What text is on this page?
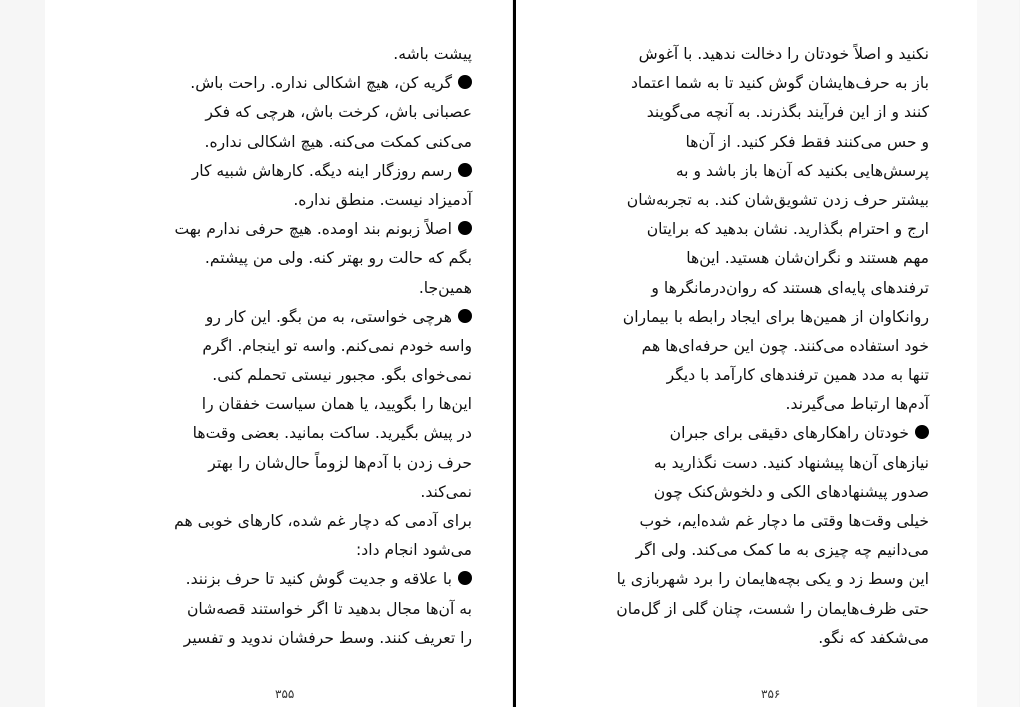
پیشت باشه.
گریه کن، هیچ اشکالی نداره. راحت باش.
عصبانی باش، کرخت باش، هرچی که فکر
می‌کنی کمکت می‌کنه. هیچ اشکالی نداره.
رسم روزگار اینه دیگه. کارهاش شبیه کار
آدمیزاد نیست. منطق نداره.
اصلاً زبونم بند اومده. هیچ حرفی ندارم بهت
بگم که حالت رو بهتر کنه. ولی من پیشتم.
همین‌جا.
هرچی خواستی، به من بگو. این کار رو
واسه خودم نمی‌کنم. واسه تو اینجام. اگرم
نمی‌خوای بگو. مجبور نیستی تحملم کنی.
این‌ها را بگویید، یا همان سیاست خفقان را
در پیش بگیرید. ساکت بمانید. بعضی وقت‌ها
حرف زدن با آدم‌ها لزوماً حال‌شان را بهتر
نمی‌کند.
برای آدمی که دچار غم شده، کارهای خوبی هم
می‌شود انجام داد:
با علاقه و جدیت گوش کنید تا حرف بزنند.
به آن‌ها مجال بدهید تا اگر خواستند قصه‌شان
را تعریف کنند. وسط حرفشان ندوید و تفسیر
۳۵۵
نکنید و اصلاً خودتان را دخالت ندهید. با آغوش
باز به حرف‌هایشان گوش کنید تا به شما اعتماد
کنند و از این فرآیند بگذرند. به آنچه می‌گویند
و حس می‌کنند فقط فکر کنید. از آن‌ها
پرسش‌هایی بکنید که آن‌ها باز باشد و به
بیشتر حرف زدن تشویق‌شان کند. به تجربه‌شان
ارج و احترام بگذارید. نشان بدهید که برایتان
مهم هستند و نگران‌شان هستید. این‌ها
ترفندهای پایه‌ای هستند که روان‌درمانگرها و
روانکاوان از همین‌ها برای ایجاد رابطه با بیماران
خود استفاده می‌کنند. چون این حرفه‌ای‌ها هم
تنها به مدد همین ترفندهای کارآمد با دیگر
آدم‌ها ارتباط می‌گیرند.
خودتان راهکارهای دقیقی برای جبران
نیازهای آن‌ها پیشنهاد کنید. دست نگذارید به
صدور پیشنهادهای الکی و دلخوش‌کنک چون
خیلی وقت‌ها وقتی ما دچار غم شده‌ایم، خوب
می‌دانیم چه چیزی به ما کمک می‌کند. ولی اگر
این وسط زد و یکی بچه‌هایمان را برد شهربازی یا
حتی ظرف‌هایمان را شست، چنان گلی از گل‌مان
می‌شکفد که نگو.
۳۵۶
